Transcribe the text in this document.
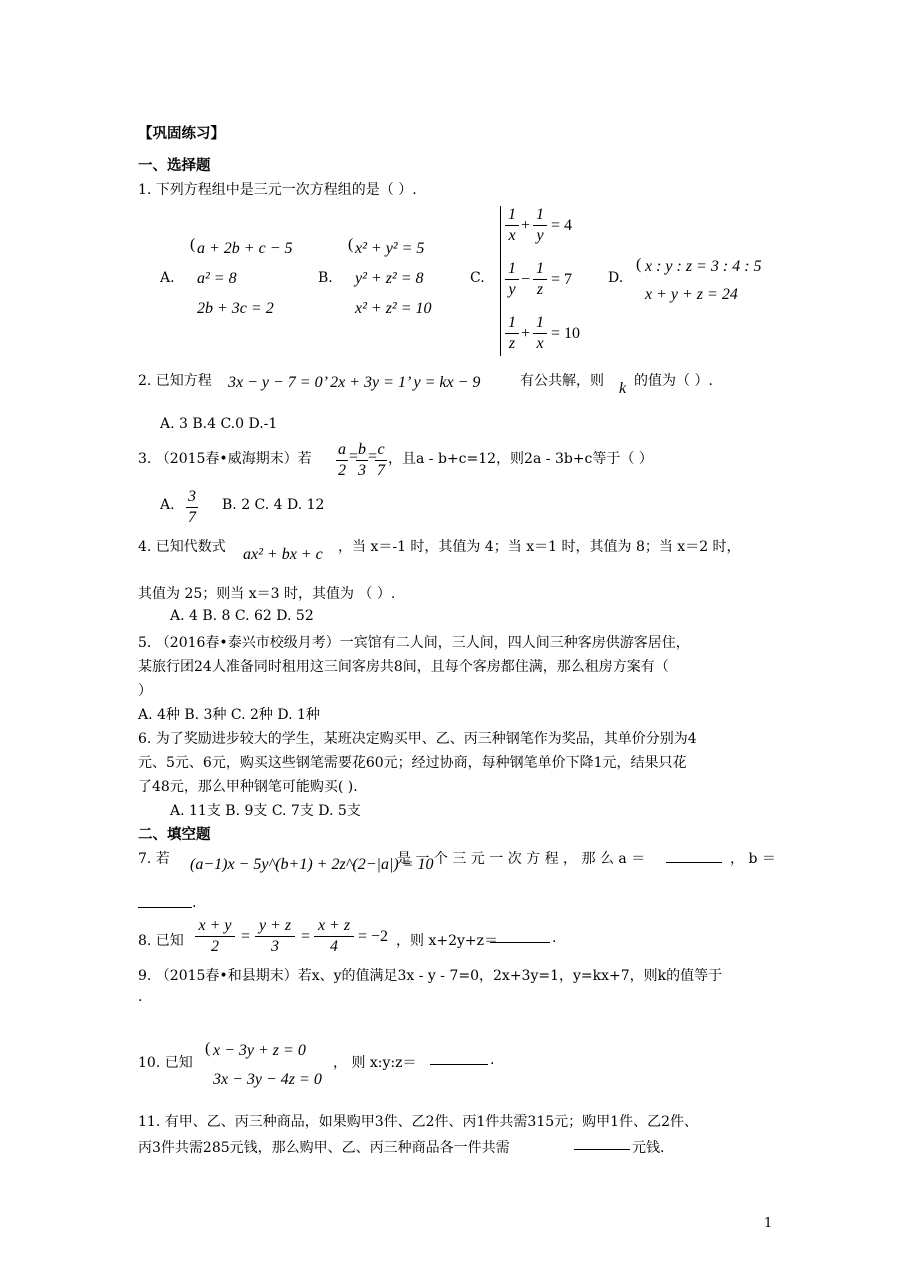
【巩固练习】
一、选择题
1. 下列方程组中是三元一次方程组的是（ ）.
A.
( a + 2b + c − 5
a² = 8
2b + 3c = 2
B.
( x² + y² = 5
y² + z² = 8
x² + z² = 10
C.
1
x
+
1
y
= 4
1
y
−
1
z
= 7
1
z
+
1
x
= 10
D.
( x : y : z = 3 : 4 : 5
x + y + z = 24
2. 已知方程 3x − y − 7 = 0’ 2x + 3y = 1’ y = kx − 9	有公共解，则 k 的值为（ ）.
A. 3 B.4 C.0 D.-1
3. （2015春•威海期末）若
a
2
= b
3
= c
7
，且a - b+c=12，则2a - 3b+c等于（ ）
A. 3
7
B. 2 C. 4 D. 12
4. 已知代数式 ax² + bx + c ，当 x＝-1 时，其值为 4；当 x＝1 时，其值为 8；当 x＝2 时，
其值为 25；则当 x＝3 时，其值为 （ ）.
A. 4 B. 8 C. 62 D. 52
5. （2016春•泰兴市校级月考）一宾馆有二人间，三人间，四人间三种客房供游客居住，
某旅行团24人准备同时租用这三间客房共8间，且每个客房都住满，那么租房方案有（
）
A. 4种 B. 3种 C. 2种 D. 1种
6. 为了奖励进步较大的学生，某班决定购买甲、乙、丙三种钢笔作为奖品，其单价分别为4
元、5元、6元，购买这些钢笔需要花60元；经过协商，每种钢笔单价下降1元，结果只花
了48元，那么甲种钢笔可能购买( ).
A. 11支 B. 9支 C. 7支 D. 5支
二、填空题
7. 若 (a−1)x − 5y^(b+1) + 2z^(2−|a|) = 10
是 一 个 三 元 一 次 方 程 ， 那 么 a ＝	， b ＝
.
8. 已知
x + y
2
=
y + z
3
=
x + z
4
= −2 ，则 x+2y+z＝	.
9. （2015春•和县期末）若x、y的值满足3x - y - 7=0，2x+3y=1，y=kx+7，则k的值等于
.
10. 已知
( x − 3y + z = 0
3x − 3y − 4z = 0
， 则 x:y:z＝	.
11. 有甲、乙、丙三种商品，如果购甲3件、乙2件、丙1件共需315元；购甲1件、乙2件、
丙3件共需285元钱，那么购甲、乙、丙三种商品各一件共需	元钱.
1
